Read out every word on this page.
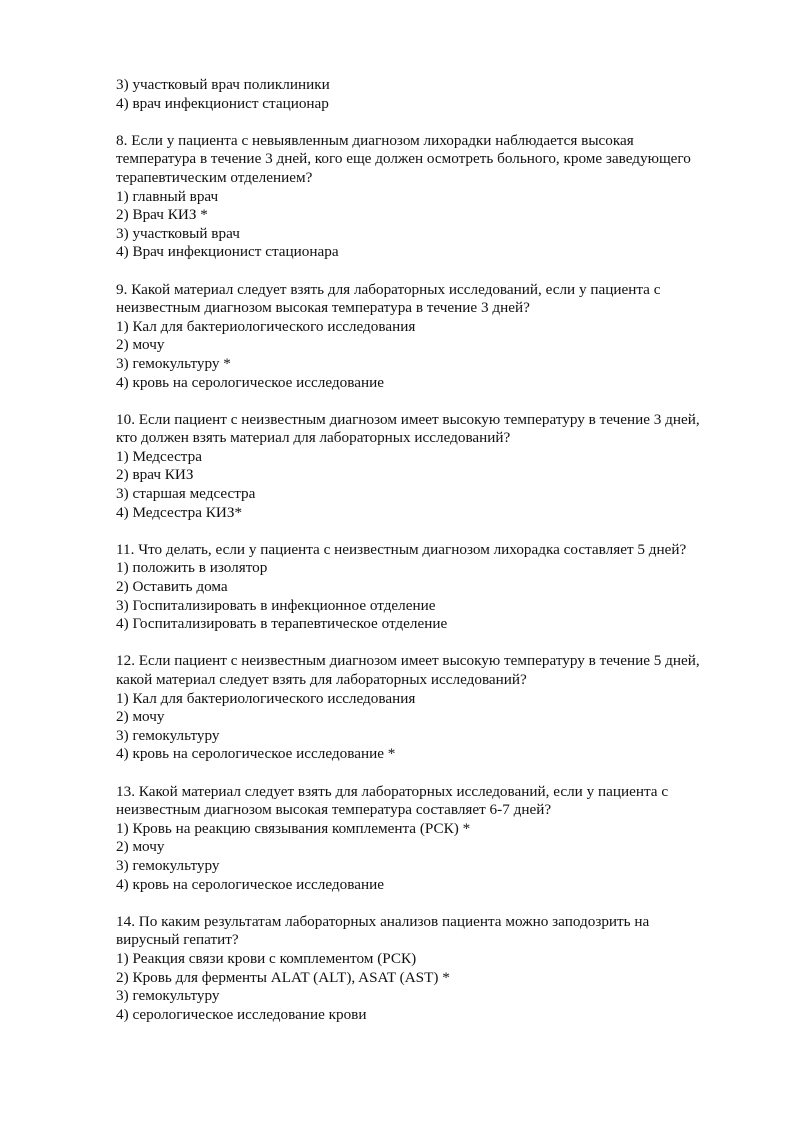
3) участковый врач поликлиники
4) врач инфекционист стационар
8. Если у пациента с невыявленным диагнозом лихорадки наблюдается высокая
температура в течение 3 дней, кого еще должен осмотреть больного, кроме заведующего
терапевтическим отделением?
1) главный врач
2) Врач КИЗ *
3) участковый врач
4) Врач инфекционист стационара
9. Какой материал следует взять для лабораторных исследований, если у пациента с
неизвестным диагнозом высокая температура в течение 3 дней?
1) Кал для бактериологического исследования
2) мочу
3) гемокультуру *
4) кровь на серологическое исследование
10. Если пациент с неизвестным диагнозом имеет высокую температуру в течение 3 дней,
кто должен взять материал для лабораторных исследований?
1) Медсестра
2) врач КИЗ
3) старшая медсестра
4) Медсестра КИЗ*
11. Что делать, если у пациента с неизвестным диагнозом лихорадка составляет 5 дней?
1) положить в изолятор
2) Оставить дома
3) Госпитализировать в инфекционное отделение
4) Госпитализировать в терапевтическое отделение
12. Если пациент с неизвестным диагнозом имеет высокую температуру в течение 5 дней,
какой материал следует взять для лабораторных исследований?
1) Кал для бактериологического исследования
2) мочу
3) гемокультуру
4) кровь на серологическое исследование *
13. Какой материал следует взять для лабораторных исследований, если у пациента с
неизвестным диагнозом высокая температура составляет 6-7 дней?
1) Кровь на реакцию связывания комплемента (РСК) *
2) мочу
3) гемокультуру
4) кровь на серологическое исследование
14. По каким результатам лабораторных анализов пациента можно заподозрить на
вирусный гепатит?
1) Реакция связи крови с комплементом (РСК)
2) Кровь для ферменты ALAT (ALT), ASAT (AST) *
3) гемокультуру
4) серологическое исследование крови
